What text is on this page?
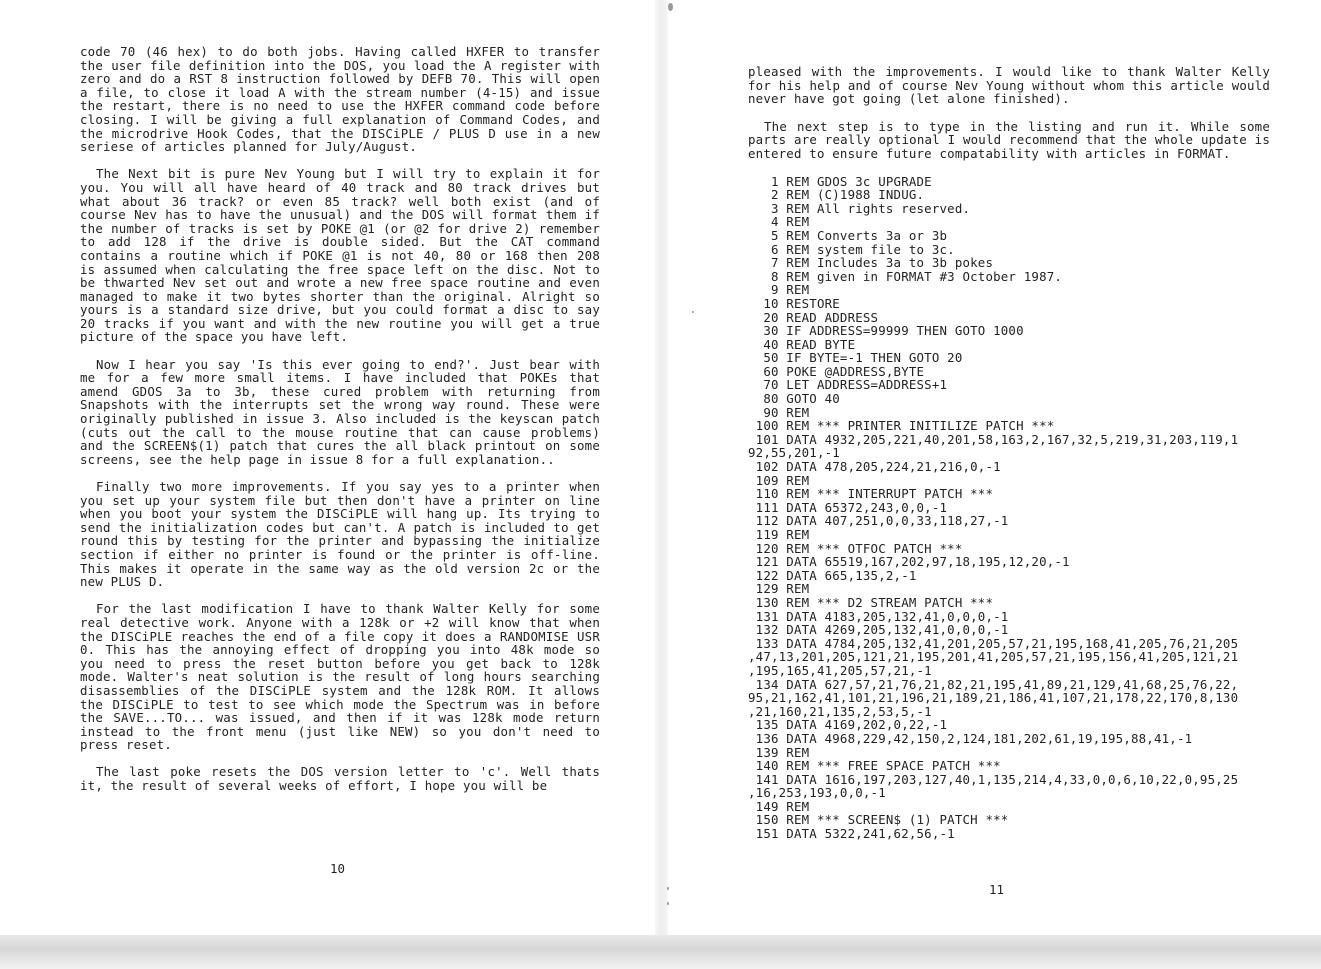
code 70 (46 hex) to do both jobs. Having called HXFER to transfer the user file definition into the DOS, you load the A register with zero and do a RST 8 instruction followed by DEFB 70. This will open a file, to close it load A with the stream number (4-15) and issue the restart, there is no need to use the HXFER command code before closing. I will be giving a full explanation of Command Codes, and the microdrive Hook Codes, that the DISCiPLE / PLUS D use in a new seriese of articles planned for July/August.

The Next bit is pure Nev Young but I will try to explain it for you. You will all have heard of 40 track and 80 track drives but what about 36 track? or even 85 track? well both exist (and of course Nev has to have the unusual) and the DOS will format them if the number of tracks is set by POKE @1 (or @2 for drive 2) remember to add 128 if the drive is double sided. But the CAT command contains a routine which if POKE @1 is not 40, 80 or 168 then 208 is assumed when calculating the free space left on the disc. Not to be thwarted Nev set out and wrote a new free space routine and even managed to make it two bytes shorter than the original. Alright so yours is a standard size drive, but you could format a disc to say 20 tracks if you want and with the new routine you will get a true picture of the space you have left.

Now I hear you say 'Is this ever going to end?'. Just bear with me for a few more small items. I have included that POKEs that amend GDOS 3a to 3b, these cured problem with returning from Snapshots with the interrupts set the wrong way round. These were originally published in issue 3. Also included is the keyscan patch (cuts out the call to the mouse routine that can cause problems) and the SCREEN$(1) patch that cures the all black printout on some screens, see the help page in issue 8 for a full explanation..

Finally two more improvements. If you say yes to a printer when you set up your system file but then don't have a printer on line when you boot your system the DISCiPLE will hang up. Its trying to send the initialization codes but can't. A patch is included to get round this by testing for the printer and bypassing the initialize section if either no printer is found or the printer is off-line. This makes it operate in the same way as the old version 2c or the new PLUS D.

For the last modification I have to thank Walter Kelly for some real detective work. Anyone with a 128k or +2 will know that when the DISCiPLE reaches the end of a file copy it does a RANDOMISE USR 0. This has the annoying effect of dropping you into 48k mode so you need to press the reset button before you get back to 128k mode. Walter's neat solution is the result of long hours searching disassemblies of the DISCiPLE system and the 128k ROM. It allows the DISCiPLE to test to see which mode the Spectrum was in before the SAVE...TO... was issued, and then if it was 128k mode return instead to the front menu (just like NEW) so you don't need to press reset.

The last poke resets the DOS version letter to 'c'. Well thats it, the result of several weeks of effort, I hope you will be

10

pleased with the improvements. I would like to thank Walter Kelly for his help and of course Nev Young without whom this article would never have got going (let alone finished).

The next step is to type in the listing and run it. While some parts are really optional I would recommend that the whole update is entered to ensure future compatability with articles in FORMAT.

1 REM GDOS 3c UPGRADE
2 REM (C)1988 INDUG.
3 REM All rights reserved.
4 REM
5 REM Converts 3a or 3b
6 REM system file to 3c.
7 REM Includes 3a to 3b pokes
8 REM given in FORMAT #3 October 1987.
9 REM
10 RESTORE
20 READ ADDRESS
30 IF ADDRESS=99999 THEN GOTO 1000
40 READ BYTE
50 IF BYTE=-1 THEN GOTO 20
60 POKE @ADDRESS,BYTE
70 LET ADDRESS=ADDRESS+1
80 GOTO 40
90 REM
100 REM *** PRINTER INITILIZE PATCH ***
101 DATA 4932,205,221,40,201,58,163,2,167,32,5,219,31,203,119,1
92,55,201,-1
102 DATA 478,205,224,21,216,0,-1
109 REM
110 REM *** INTERRUPT PATCH ***
111 DATA 65372,243,0,0,-1
112 DATA 407,251,0,0,33,118,27,-1
119 REM
120 REM *** OTFOC PATCH ***
121 DATA 65519,167,202,97,18,195,12,20,-1
122 DATA 665,135,2,-1
129 REM
130 REM *** D2 STREAM PATCH ***
131 DATA 4183,205,132,41,0,0,0,-1
132 DATA 4269,205,132,41,0,0,0,-1
133 DATA 4784,205,132,41,201,205,57,21,195,168,41,205,76,21,205
,47,13,201,205,121,21,195,201,41,205,57,21,195,156,41,205,121,21
,195,165,41,205,57,21,-1
134 DATA 627,57,21,76,21,82,21,195,41,89,21,129,41,68,25,76,22,
95,21,162,41,101,21,196,21,189,21,186,41,107,21,178,22,170,8,130
,21,160,21,135,2,53,5,-1
135 DATA 4169,202,0,22,-1
136 DATA 4968,229,42,150,2,124,181,202,61,19,195,88,41,-1
139 REM
140 REM *** FREE SPACE PATCH ***
141 DATA 1616,197,203,127,40,1,135,214,4,33,0,0,6,10,22,0,95,25
,16,253,193,0,0,-1
149 REM
150 REM *** SCREEN$ (1) PATCH ***
151 DATA 5322,241,62,56,-1
11
